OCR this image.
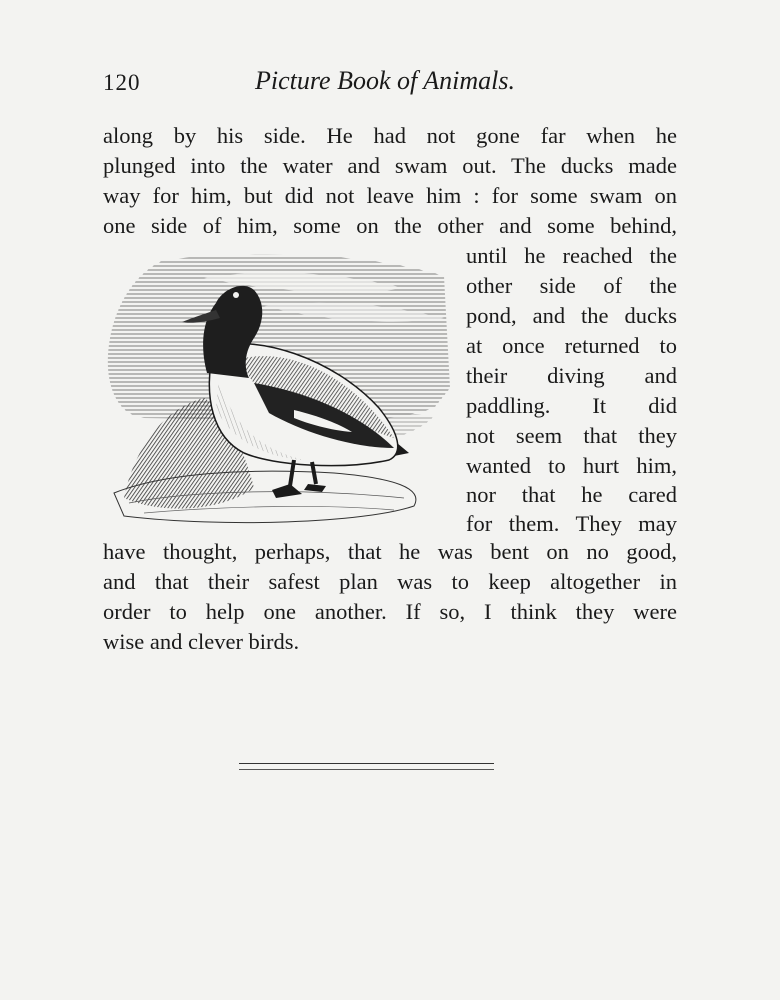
120	Picture Book of Animals.
along by his side. He had not gone far when he
plunged into the water and swam out. The ducks made
way for him, but did not leave him : for some swam on
one side of him, some on the other and some behind,
until he reached the
other side of the
pond, and the ducks
at once returned to
their diving and
paddling. It did
not seem that they
wanted to hurt him,
nor that he cared
for them. They may
have thought, perhaps, that he was bent on no good,
and that their safest plan was to keep altogether in
order to help one another. If so, I think they were
wise and clever birds.
